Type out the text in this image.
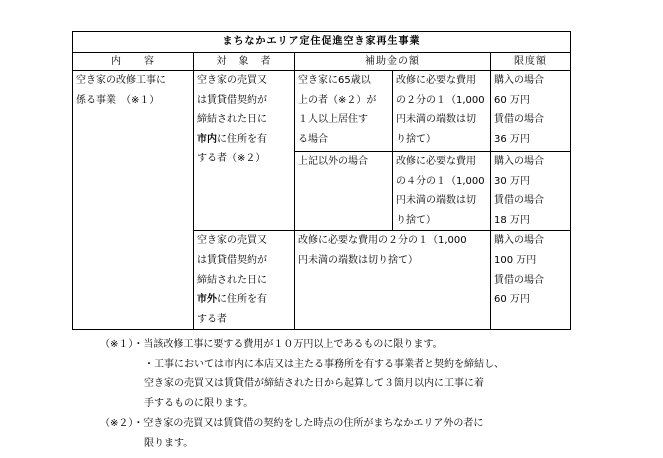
まちなかエリア定住促進空き家再生事業				
内　　容	対　象　者	補助金の額		限度額

空き家の改修工事に
係る事業　（※１）	空き家の売買又
は賃貸借契約が
締結された日に
市内に住所を有
する者（※２）	空き家に65歳以
上の者（※２）が
１人以上居住す
る場合	改修に必要な費用
の２分の１（1,000
円未満の端数は切
り捨て）	購入の場合
60 万円
賃借の場合
36 万円

		上記以外の場合	改修に必要な費用
の４分の１（1,000
円未満の端数は切
り捨て）	購入の場合
30 万円
賃借の場合
18 万円

	空き家の売買又
は賃貸借契約が
締結された日に
市外に住所を有
する者	改修に必要な費用の２分の１（1,000
円未満の端数は切り捨て）		購入の場合
100 万円
賃借の場合
60 万円

（※１）・当該改修工事に要する費用が１０万円以上であるものに限ります。
・工事においては市内に本店又は主たる事務所を有する事業者と契約を締結し、
空き家の売買又は賃貸借が締結された日から起算して３箇月以内に工事に着
手するものに限ります。
（※２）・空き家の売買又は賃貸借の契約をした時点の住所がまちなかエリア外の者に
限ります。
